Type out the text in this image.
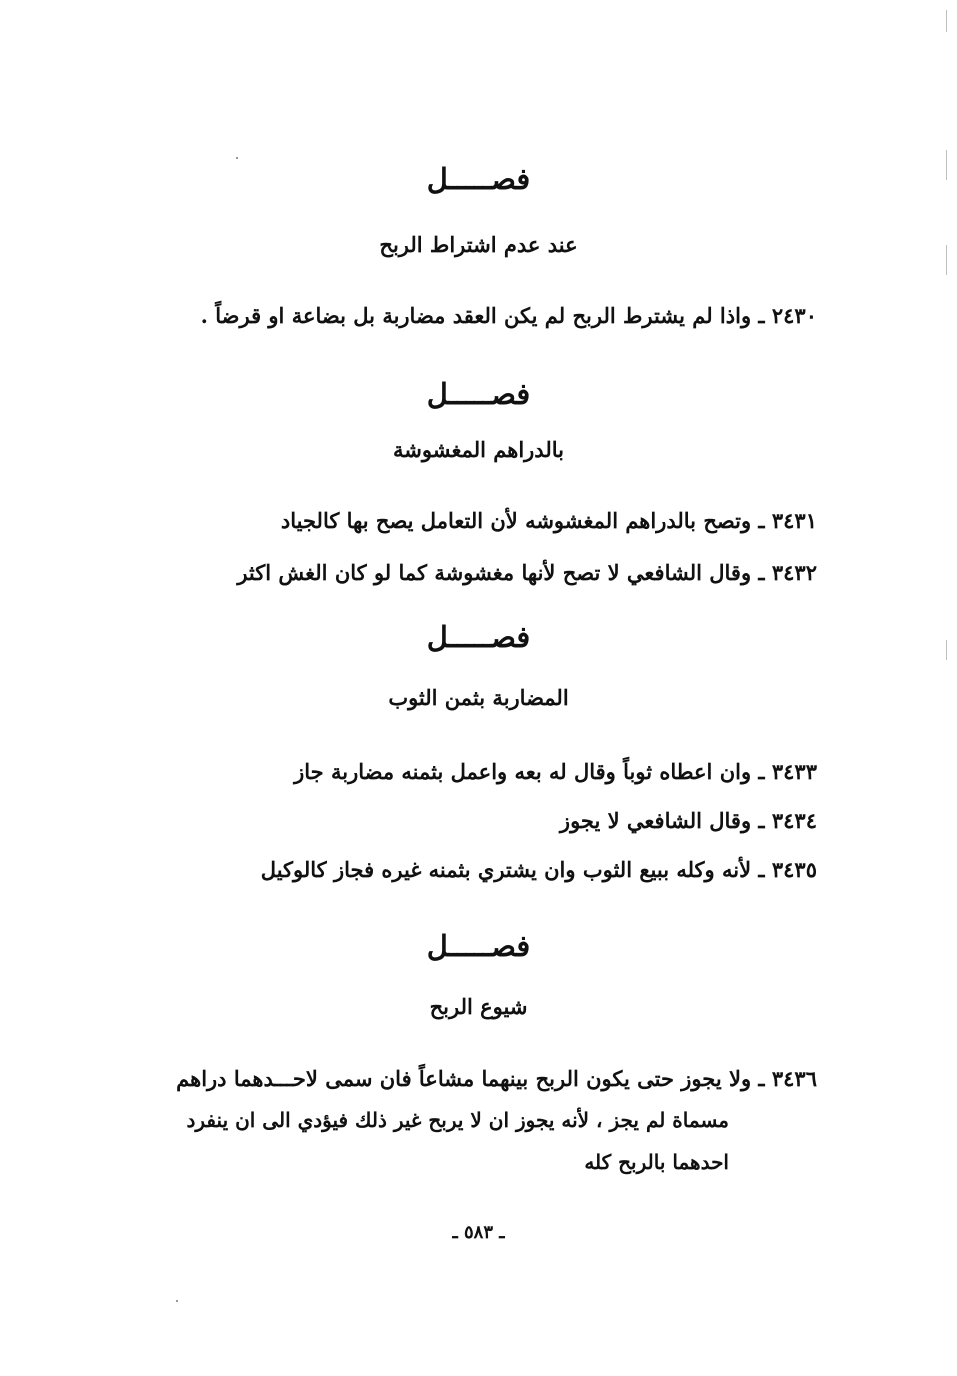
فصـــــل
عند عدم اشتراط الربح
٢٤٣٠ ـ واذا لم يشترط الربح لم يكن العقد مضاربة بل بضاعة او قرضاً .
فصـــــل
بالدراهم المغشوشة
٣٤٣١ ـ وتصح بالدراهم المغشوشه لأن التعامل يصح بها كالجياد
٣٤٣٢ ـ وقال الشافعي لا تصح لأنها مغشوشة كما لو كان الغش اكثر
فصـــــل
المضاربة بثمن الثوب
٣٤٣٣ ـ وان اعطاه ثوباً وقال له بعه واعمل بثمنه مضاربة جاز
٣٤٣٤ ـ وقال الشافعي لا يجوز
٣٤٣٥ ـ لأنه وكله ببيع الثوب وان يشتري بثمنه غيره فجاز كالوكيل
فصـــــل
شيوع الربح
٣٤٣٦ ـ ولا يجوز حتى يكون الربح بينهما مشاعاً فان سمى لاحـــدهما دراهم
مسماة لم يجز ، لأنه يجوز ان لا يربح غير ذلك فيؤدي الى ان ينفرد
احدهما بالربح كله
ـ ٥٨٣ ـ
